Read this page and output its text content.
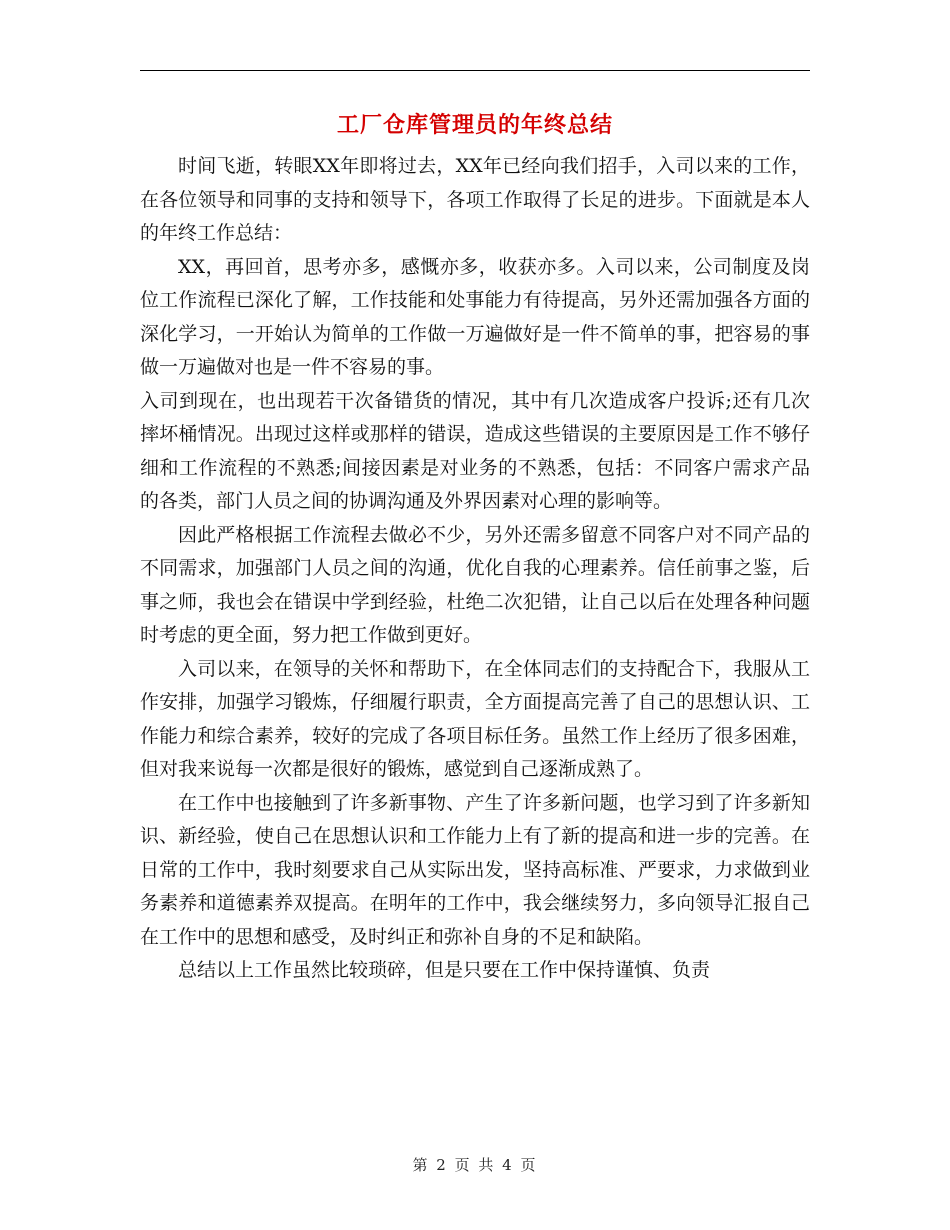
工厂仓库管理员的年终总结

时间飞逝，转眼XX年即将过去，XX年已经向我们招手，入司以来的工作，在各位领导和同事的支持和领导下，各项工作取得了长足的进步。下面就是本人的年终工作总结：

XX，再回首，思考亦多，感慨亦多，收获亦多。入司以来，公司制度及岗位工作流程已深化了解，工作技能和处事能力有待提高，另外还需加强各方面的深化学习，一开始认为简单的工作做一万遍做好是一件不简单的事，把容易的事做一万遍做对也是一件不容易的事。

入司到现在，也出现若干次备错货的情况，其中有几次造成客户投诉;还有几次摔坏桶情况。出现过这样或那样的错误，造成这些错误的主要原因是工作不够仔细和工作流程的不熟悉;间接因素是对业务的不熟悉，包括：不同客户需求产品的各类，部门人员之间的协调沟通及外界因素对心理的影响等。

因此严格根据工作流程去做必不少，另外还需多留意不同客户对不同产品的不同需求，加强部门人员之间的沟通，优化自我的心理素养。信任前事之鉴，后事之师，我也会在错误中学到经验，杜绝二次犯错，让自己以后在处理各种问题时考虑的更全面，努力把工作做到更好。

入司以来，在领导的关怀和帮助下，在全体同志们的支持配合下，我服从工作安排，加强学习锻炼，仔细履行职责，全方面提高完善了自己的思想认识、工作能力和综合素养，较好的完成了各项目标任务。虽然工作上经历了很多困难，但对我来说每一次都是很好的锻炼，感觉到自己逐渐成熟了。

在工作中也接触到了许多新事物、产生了许多新问题，也学习到了许多新知识、新经验，使自己在思想认识和工作能力上有了新的提高和进一步的完善。在日常的工作中，我时刻要求自己从实际出发，坚持高标准、严要求，力求做到业务素养和道德素养双提高。在明年的工作中，我会继续努力，多向领导汇报自己在工作中的思想和感受，及时纠正和弥补自身的不足和缺陷。

总结以上工作虽然比较琐碎，但是只要在工作中保持谨慎、负责

第 2 页 共 4 页
